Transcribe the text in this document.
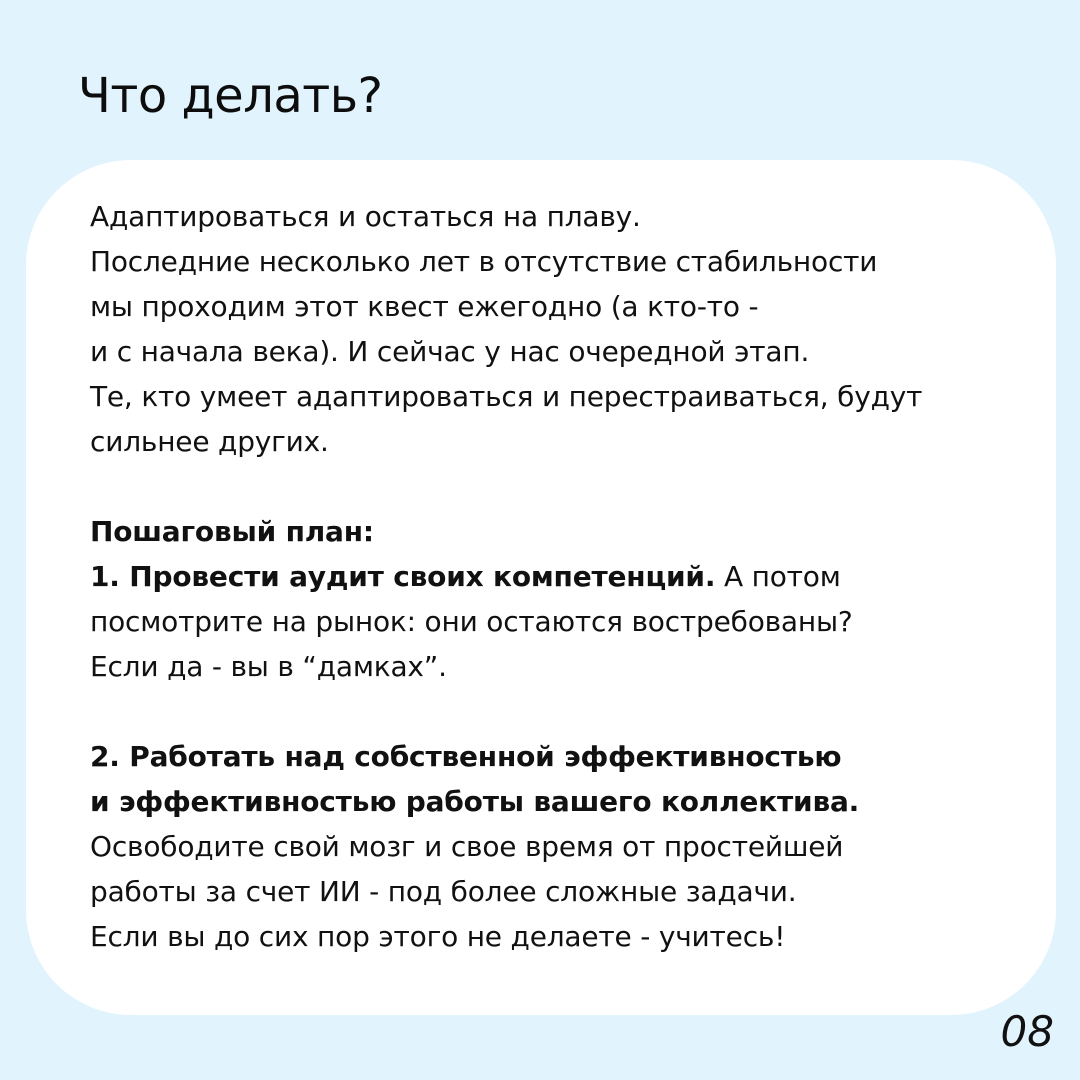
Что делать?

Адаптироваться и остаться на плаву.
Последние несколько лет в отсутствие стабильности
мы проходим этот квест ежегодно (а кто-то -
и с начала века). И сейчас у нас очередной этап.
Те, кто умеет адаптироваться и перестраиваться, будут
сильнее других.

Пошаговый план:
1. Провести аудит своих компетенций. А потом
посмотрите на рынок: они остаются востребованы?
Если да - вы в “дамках”.

2. Работать над собственной эффективностью
и эффективностью работы вашего коллектива.
Освободите свой мозг и свое время от простейшей
работы за счет ИИ - под более сложные задачи.
Если вы до сих пор этого не делаете - учитесь!

08
